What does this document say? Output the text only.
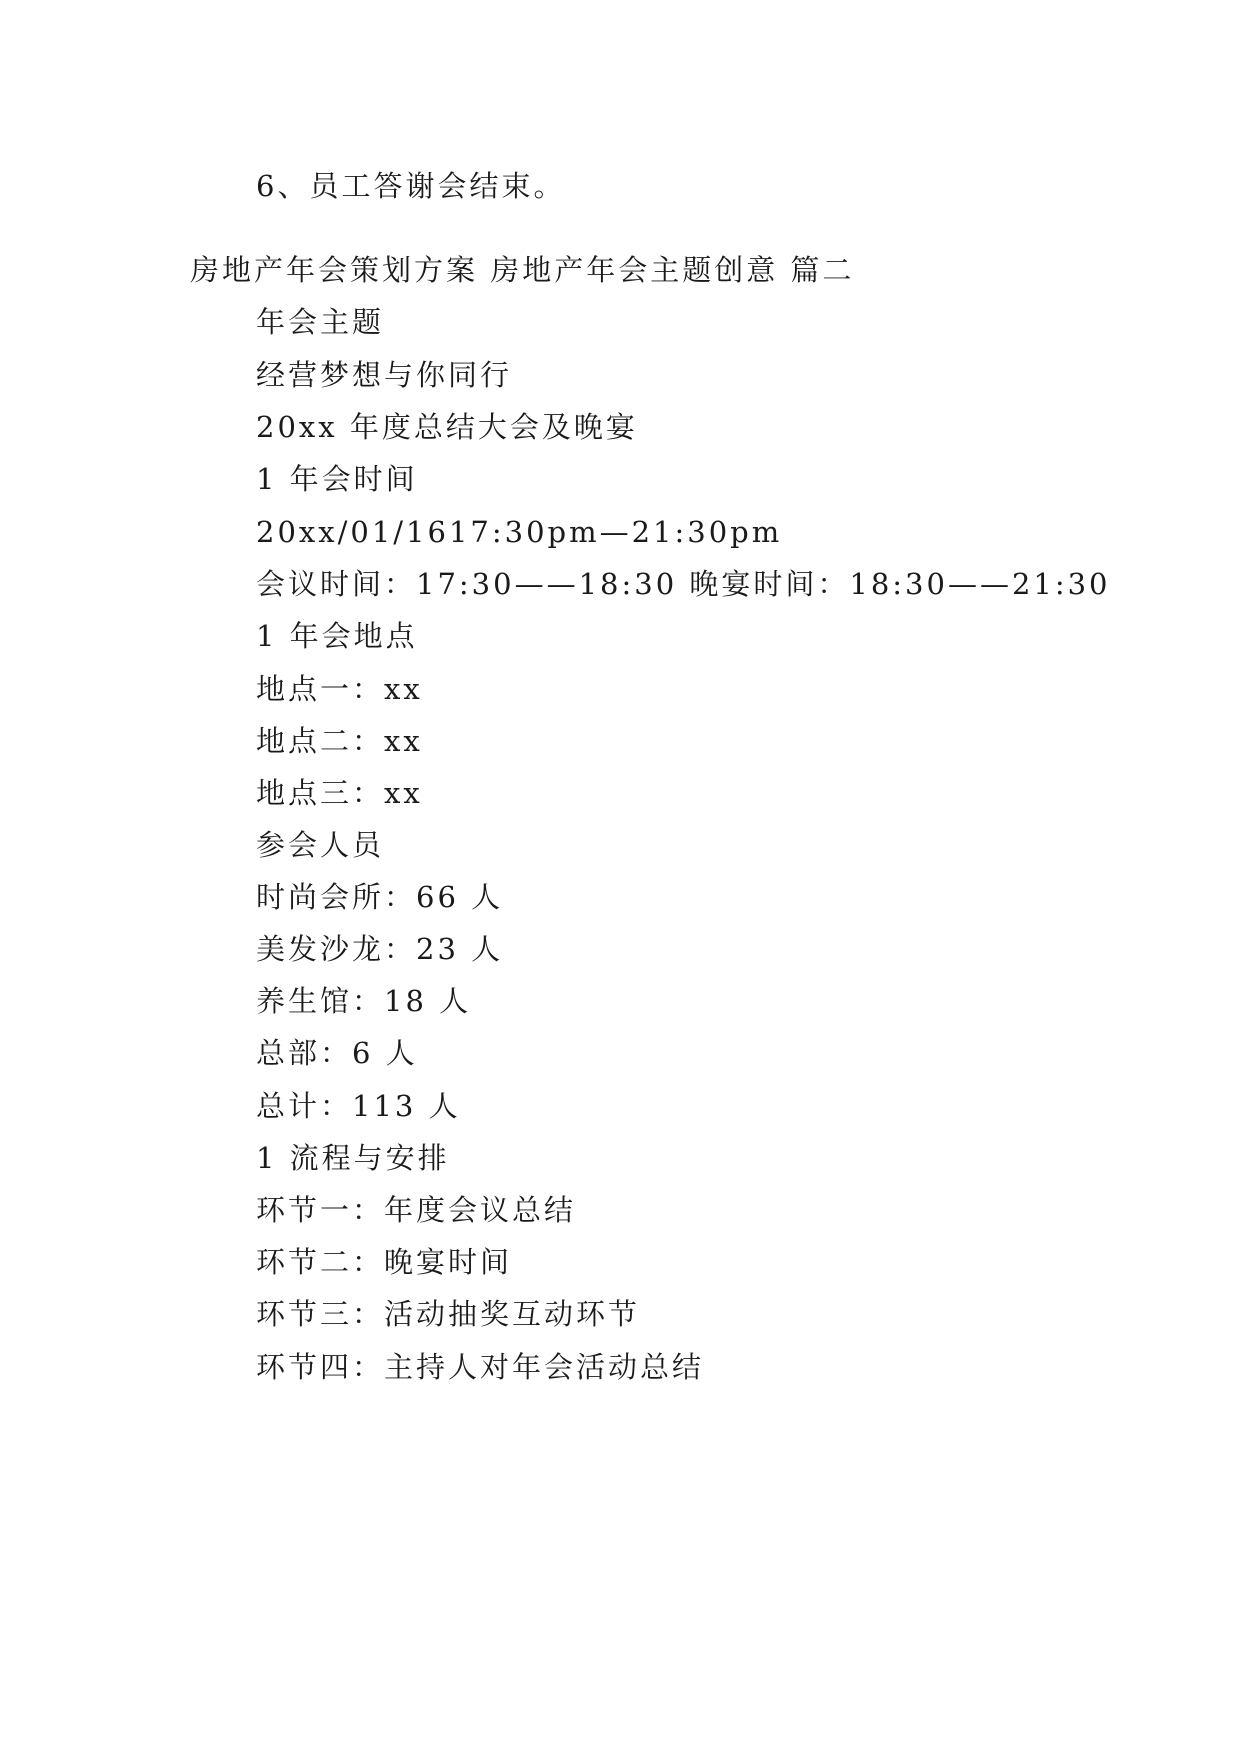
6、员工答谢会结束。
房地产年会策划方案 房地产年会主题创意 篇二
年会主题
经营梦想与你同行
20xx 年度总结大会及晚宴
1 年会时间
20xx/01/1617:30pm—21:30pm
会议时间：17:30——18:30 晚宴时间：18:30——21:30
1 年会地点
地点一：xx
地点二：xx
地点三：xx
参会人员
时尚会所：66 人
美发沙龙：23 人
养生馆：18 人
总部：6 人
总计：113 人
1 流程与安排
环节一：年度会议总结
环节二：晚宴时间
环节三：活动抽奖互动环节
环节四：主持人对年会活动总结
